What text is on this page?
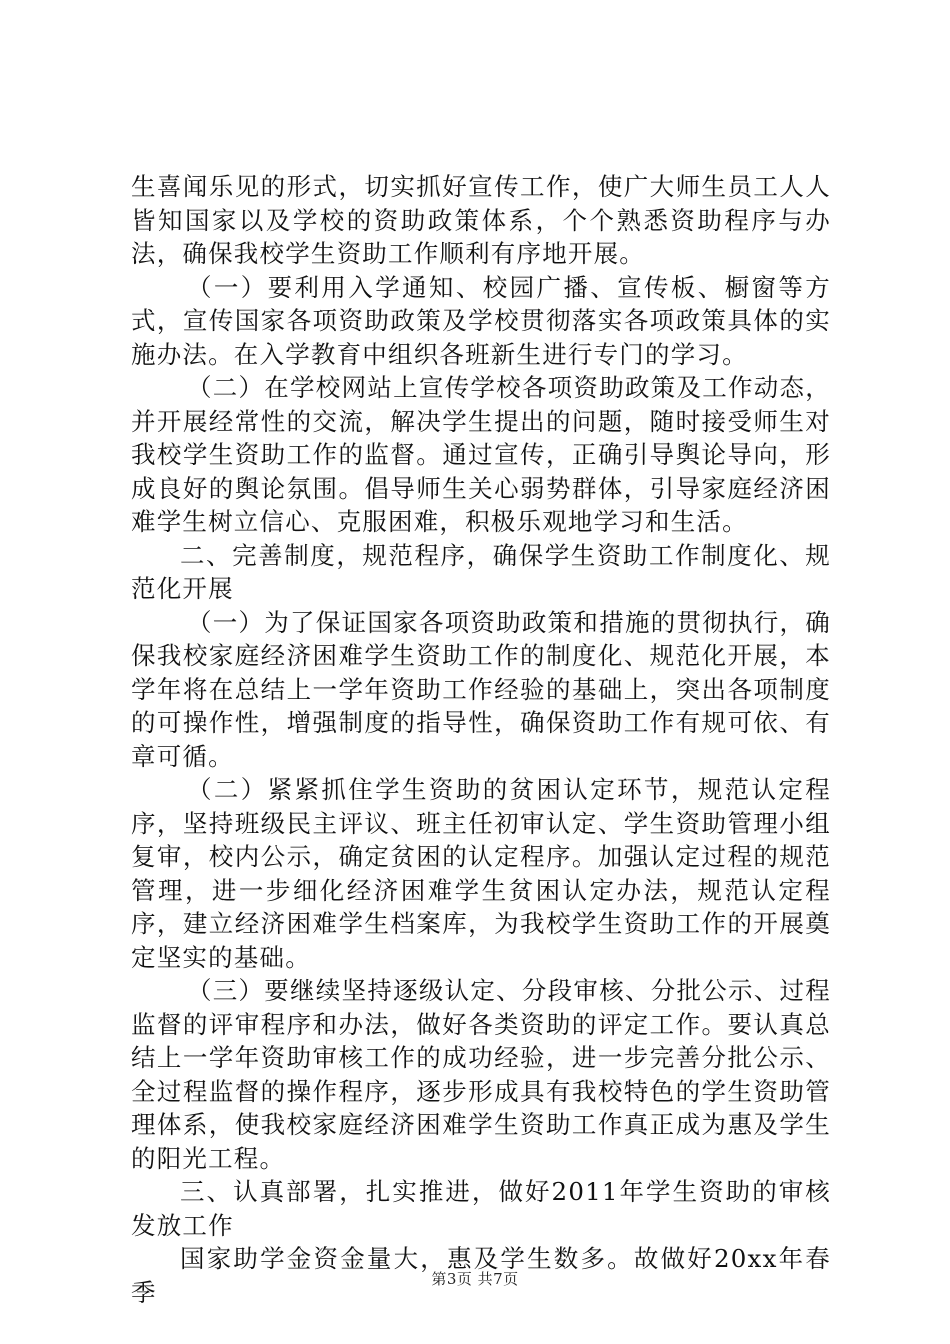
生喜闻乐见的形式，切实抓好宣传工作，使广大师生员工人人皆知国家以及学校的资助政策体系，个个熟悉资助程序与办法，确保我校学生资助工作顺利有序地开展。

（一）要利用入学通知、校园广播、宣传板、橱窗等方式，宣传国家各项资助政策及学校贯彻落实各项政策具体的实施办法。在入学教育中组织各班新生进行专门的学习。

（二）在学校网站上宣传学校各项资助政策及工作动态，并开展经常性的交流，解决学生提出的问题，随时接受师生对我校学生资助工作的监督。通过宣传，正确引导舆论导向，形成良好的舆论氛围。倡导师生关心弱势群体，引导家庭经济困难学生树立信心、克服困难，积极乐观地学习和生活。

二、完善制度，规范程序，确保学生资助工作制度化、规范化开展

（一）为了保证国家各项资助政策和措施的贯彻执行，确保我校家庭经济困难学生资助工作的制度化、规范化开展，本学年将在总结上一学年资助工作经验的基础上，突出各项制度的可操作性，增强制度的指导性，确保资助工作有规可依、有章可循。

（二）紧紧抓住学生资助的贫困认定环节，规范认定程序，坚持班级民主评议、班主任初审认定、学生资助管理小组复审，校内公示，确定贫困的认定程序。加强认定过程的规范管理，进一步细化经济困难学生贫困认定办法，规范认定程序，建立经济困难学生档案库，为我校学生资助工作的开展奠定坚实的基础。

（三）要继续坚持逐级认定、分段审核、分批公示、过程监督的评审程序和办法，做好各类资助的评定工作。要认真总结上一学年资助审核工作的成功经验，进一步完善分批公示、全过程监督的操作程序，逐步形成具有我校特色的学生资助管理体系，使我校家庭经济困难学生资助工作真正成为惠及学生的阳光工程。

三、认真部署，扎实推进，做好2011年学生资助的审核发放工作

国家助学金资金量大，惠及学生数多。故做好20xx年春季	第3页 共7页
